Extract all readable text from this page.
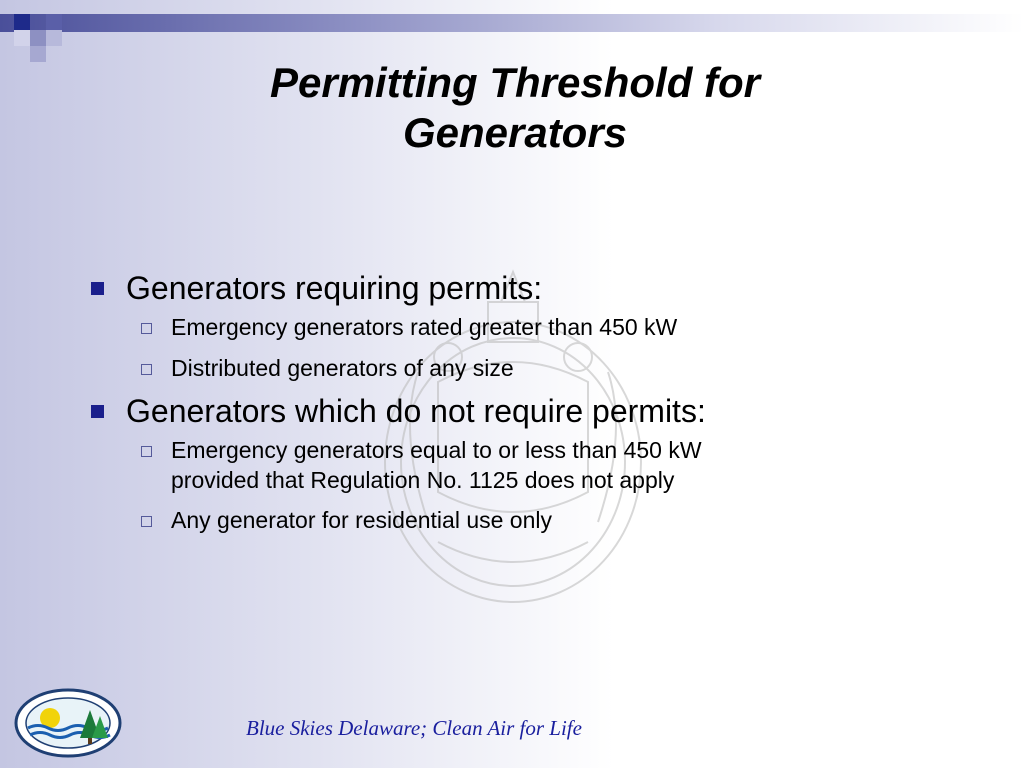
Permitting Threshold for
Generators
Generators requiring permits:
Emergency generators rated greater than 450 kW
Distributed generators of any size
Generators which do not require permits:
Emergency generators equal to or less than 450 kW
provided that Regulation No. 1125 does not apply
Any generator for residential use only
Blue Skies Delaware; Clean Air for Life
